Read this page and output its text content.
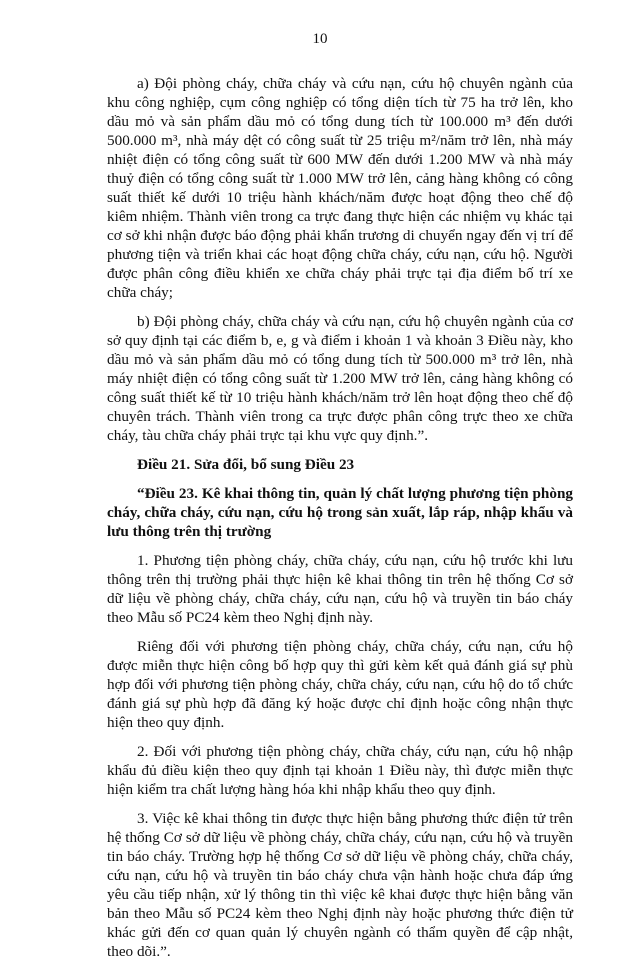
10

a) Đội phòng cháy, chữa cháy và cứu nạn, cứu hộ chuyên ngành của khu công nghiệp, cụm công nghiệp có tổng diện tích từ 75 ha trở lên, kho dầu mỏ và sản phẩm dầu mỏ có tổng dung tích từ 100.000 m³ đến dưới 500.000 m³, nhà máy dệt có công suất từ 25 triệu m²/năm trở lên, nhà máy nhiệt điện có tổng công suất từ 600 MW đến dưới 1.200 MW và nhà máy thuỷ điện có tổng công suất từ 1.000 MW trở lên, cảng hàng không có công suất thiết kế dưới 10 triệu hành khách/năm được hoạt động theo chế độ kiêm nhiệm. Thành viên trong ca trực đang thực hiện các nhiệm vụ khác tại cơ sở khi nhận được báo động phải khẩn trương di chuyển ngay đến vị trí để phương tiện và triển khai các hoạt động chữa cháy, cứu nạn, cứu hộ. Người được phân công điều khiển xe chữa cháy phải trực tại địa điểm bố trí xe chữa cháy;

b) Đội phòng cháy, chữa cháy và cứu nạn, cứu hộ chuyên ngành của cơ sở quy định tại các điểm b, e, g và điểm i khoản 1 và khoản 3 Điều này, kho dầu mỏ và sản phẩm dầu mỏ có tổng dung tích từ 500.000 m³ trở lên, nhà máy nhiệt điện có tổng công suất từ 1.200 MW trở lên, cảng hàng không có công suất thiết kế từ 10 triệu hành khách/năm trở lên hoạt động theo chế độ chuyên trách. Thành viên trong ca trực được phân công trực theo xe chữa cháy, tàu chữa cháy phải trực tại khu vực quy định.”.

Điều 21. Sửa đổi, bổ sung Điều 23

“Điều 23. Kê khai thông tin, quản lý chất lượng phương tiện phòng cháy, chữa cháy, cứu nạn, cứu hộ trong sản xuất, lắp ráp, nhập khẩu và lưu thông trên thị trường

1. Phương tiện phòng cháy, chữa cháy, cứu nạn, cứu hộ trước khi lưu thông trên thị trường phải thực hiện kê khai thông tin trên hệ thống Cơ sở dữ liệu về phòng cháy, chữa cháy, cứu nạn, cứu hộ và truyền tin báo cháy theo Mẫu số PC24 kèm theo Nghị định này.

Riêng đối với phương tiện phòng cháy, chữa cháy, cứu nạn, cứu hộ được miễn thực hiện công bố hợp quy thì gửi kèm kết quả đánh giá sự phù hợp đối với phương tiện phòng cháy, chữa cháy, cứu nạn, cứu hộ do tổ chức đánh giá sự phù hợp đã đăng ký hoặc được chỉ định hoặc công nhận thực hiện theo quy định.

2. Đối với phương tiện phòng cháy, chữa cháy, cứu nạn, cứu hộ nhập khẩu đủ điều kiện theo quy định tại khoản 1 Điều này, thì được miễn thực hiện kiểm tra chất lượng hàng hóa khi nhập khẩu theo quy định.

3. Việc kê khai thông tin được thực hiện bằng phương thức điện tử trên hệ thống Cơ sở dữ liệu về phòng cháy, chữa cháy, cứu nạn, cứu hộ và truyền tin báo cháy. Trường hợp hệ thống Cơ sở dữ liệu về phòng cháy, chữa cháy, cứu nạn, cứu hộ và truyền tin báo cháy chưa vận hành hoặc chưa đáp ứng yêu cầu tiếp nhận, xử lý thông tin thì việc kê khai được thực hiện bằng văn bản theo Mẫu số PC24 kèm theo Nghị định này hoặc phương thức điện tử khác gửi đến cơ quan quản lý chuyên ngành có thẩm quyền để cập nhật, theo dõi.”.
